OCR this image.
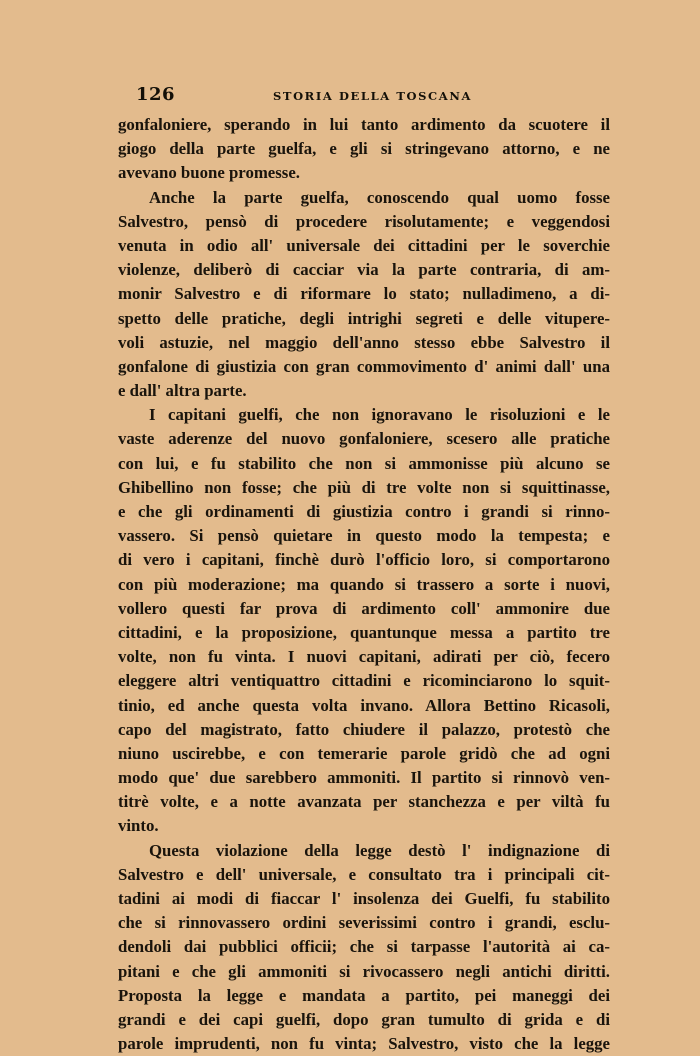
126	STORIA DELLA TOSCANA
gonfaloniere, sperando in lui tanto ardimento da scuotere il
giogo della parte guelfa, e gli si stringevano attorno, e ne
avevano buone promesse.
Anche la parte guelfa, conoscendo qual uomo fosse
Salvestro, pensò di procedere risolutamente; e veggendosi
venuta in odio all' universale dei cittadini per le soverchie
violenze, deliberò di cacciar via la parte contraria, di am-
monir Salvestro e di riformare lo stato; nulladimeno, a di-
spetto delle pratiche, degli intrighi segreti e delle vitupere-
voli astuzie, nel maggio dell'anno stesso ebbe Salvestro il
gonfalone di giustizia con gran commovimento d' animi dall' una
e dall' altra parte.
I capitani guelfi, che non ignoravano le risoluzioni e le
vaste aderenze del nuovo gonfaloniere, scesero alle pratiche
con lui, e fu stabilito che non si ammonisse più alcuno se
Ghibellino non fosse; che più di tre volte non si squittinasse,
e che gli ordinamenti di giustizia contro i grandi si rinno-
vassero. Si pensò quietare in questo modo la tempesta; e
di vero i capitani, finchè durò l'officio loro, si comportarono
con più moderazione; ma quando si trassero a sorte i nuovi,
vollero questi far prova di ardimento coll' ammonire due
cittadini, e la proposizione, quantunque messa a partito tre
volte, non fu vinta. I nuovi capitani, adirati per ciò, fecero
eleggere altri ventiquattro cittadini e ricominciarono lo squit-
tinio, ed anche questa volta invano. Allora Bettino Ricasoli,
capo del magistrato, fatto chiudere il palazzo, protestò che
niuno uscirebbe, e con temerarie parole gridò che ad ogni
modo que' due sarebbero ammoniti. Il partito si rinnovò ven-
titrè volte, e a notte avanzata per stanchezza e per viltà fu
vinto.
Questa violazione della legge destò l' indignazione di
Salvestro e dell' universale, e consultato tra i principali cit-
tadini ai modi di fiaccar l' insolenza dei Guelfi, fu stabilito
che si rinnovassero ordini severissimi contro i grandi, esclu-
dendoli dai pubblici officii; che si tarpasse l'autorità ai ca-
pitani e che gli ammoniti si rivocassero negli antichi diritti.
Proposta la legge e mandata a partito, pei maneggi dei
grandi e dei capi guelfi, dopo gran tumulto di grida e di
parole imprudenti, non fu vinta; Salvestro, visto che la legge
